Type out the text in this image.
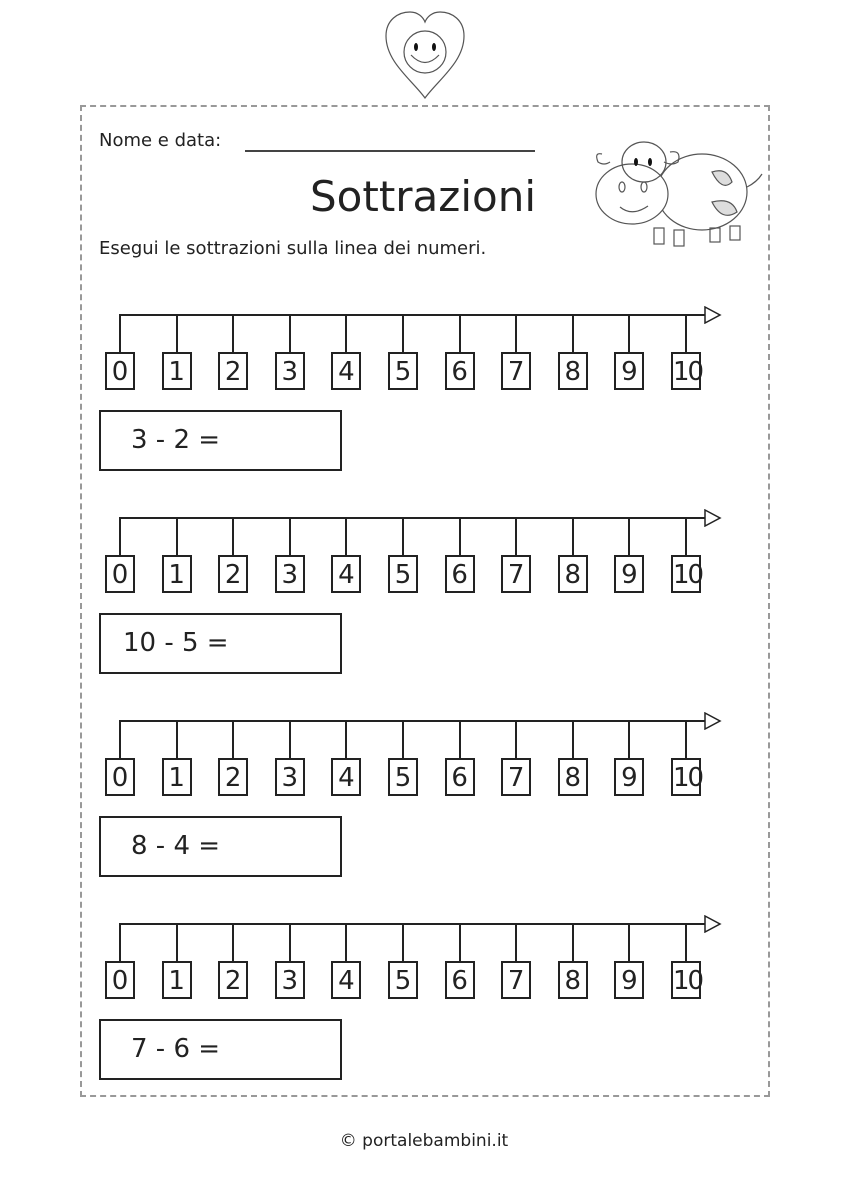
Nome e data:
Sottrazioni
Esegui le sottrazioni sulla linea dei numeri.
0 1 2 3 4 5 6 7 8 9 10
3 - 2 =
0 1 2 3 4 5 6 7 8 9 10
10 - 5 =
0 1 2 3 4 5 6 7 8 9 10
8 - 4 =
0 1 2 3 4 5 6 7 8 9 10
7 - 6 =
© portalebambini.it
